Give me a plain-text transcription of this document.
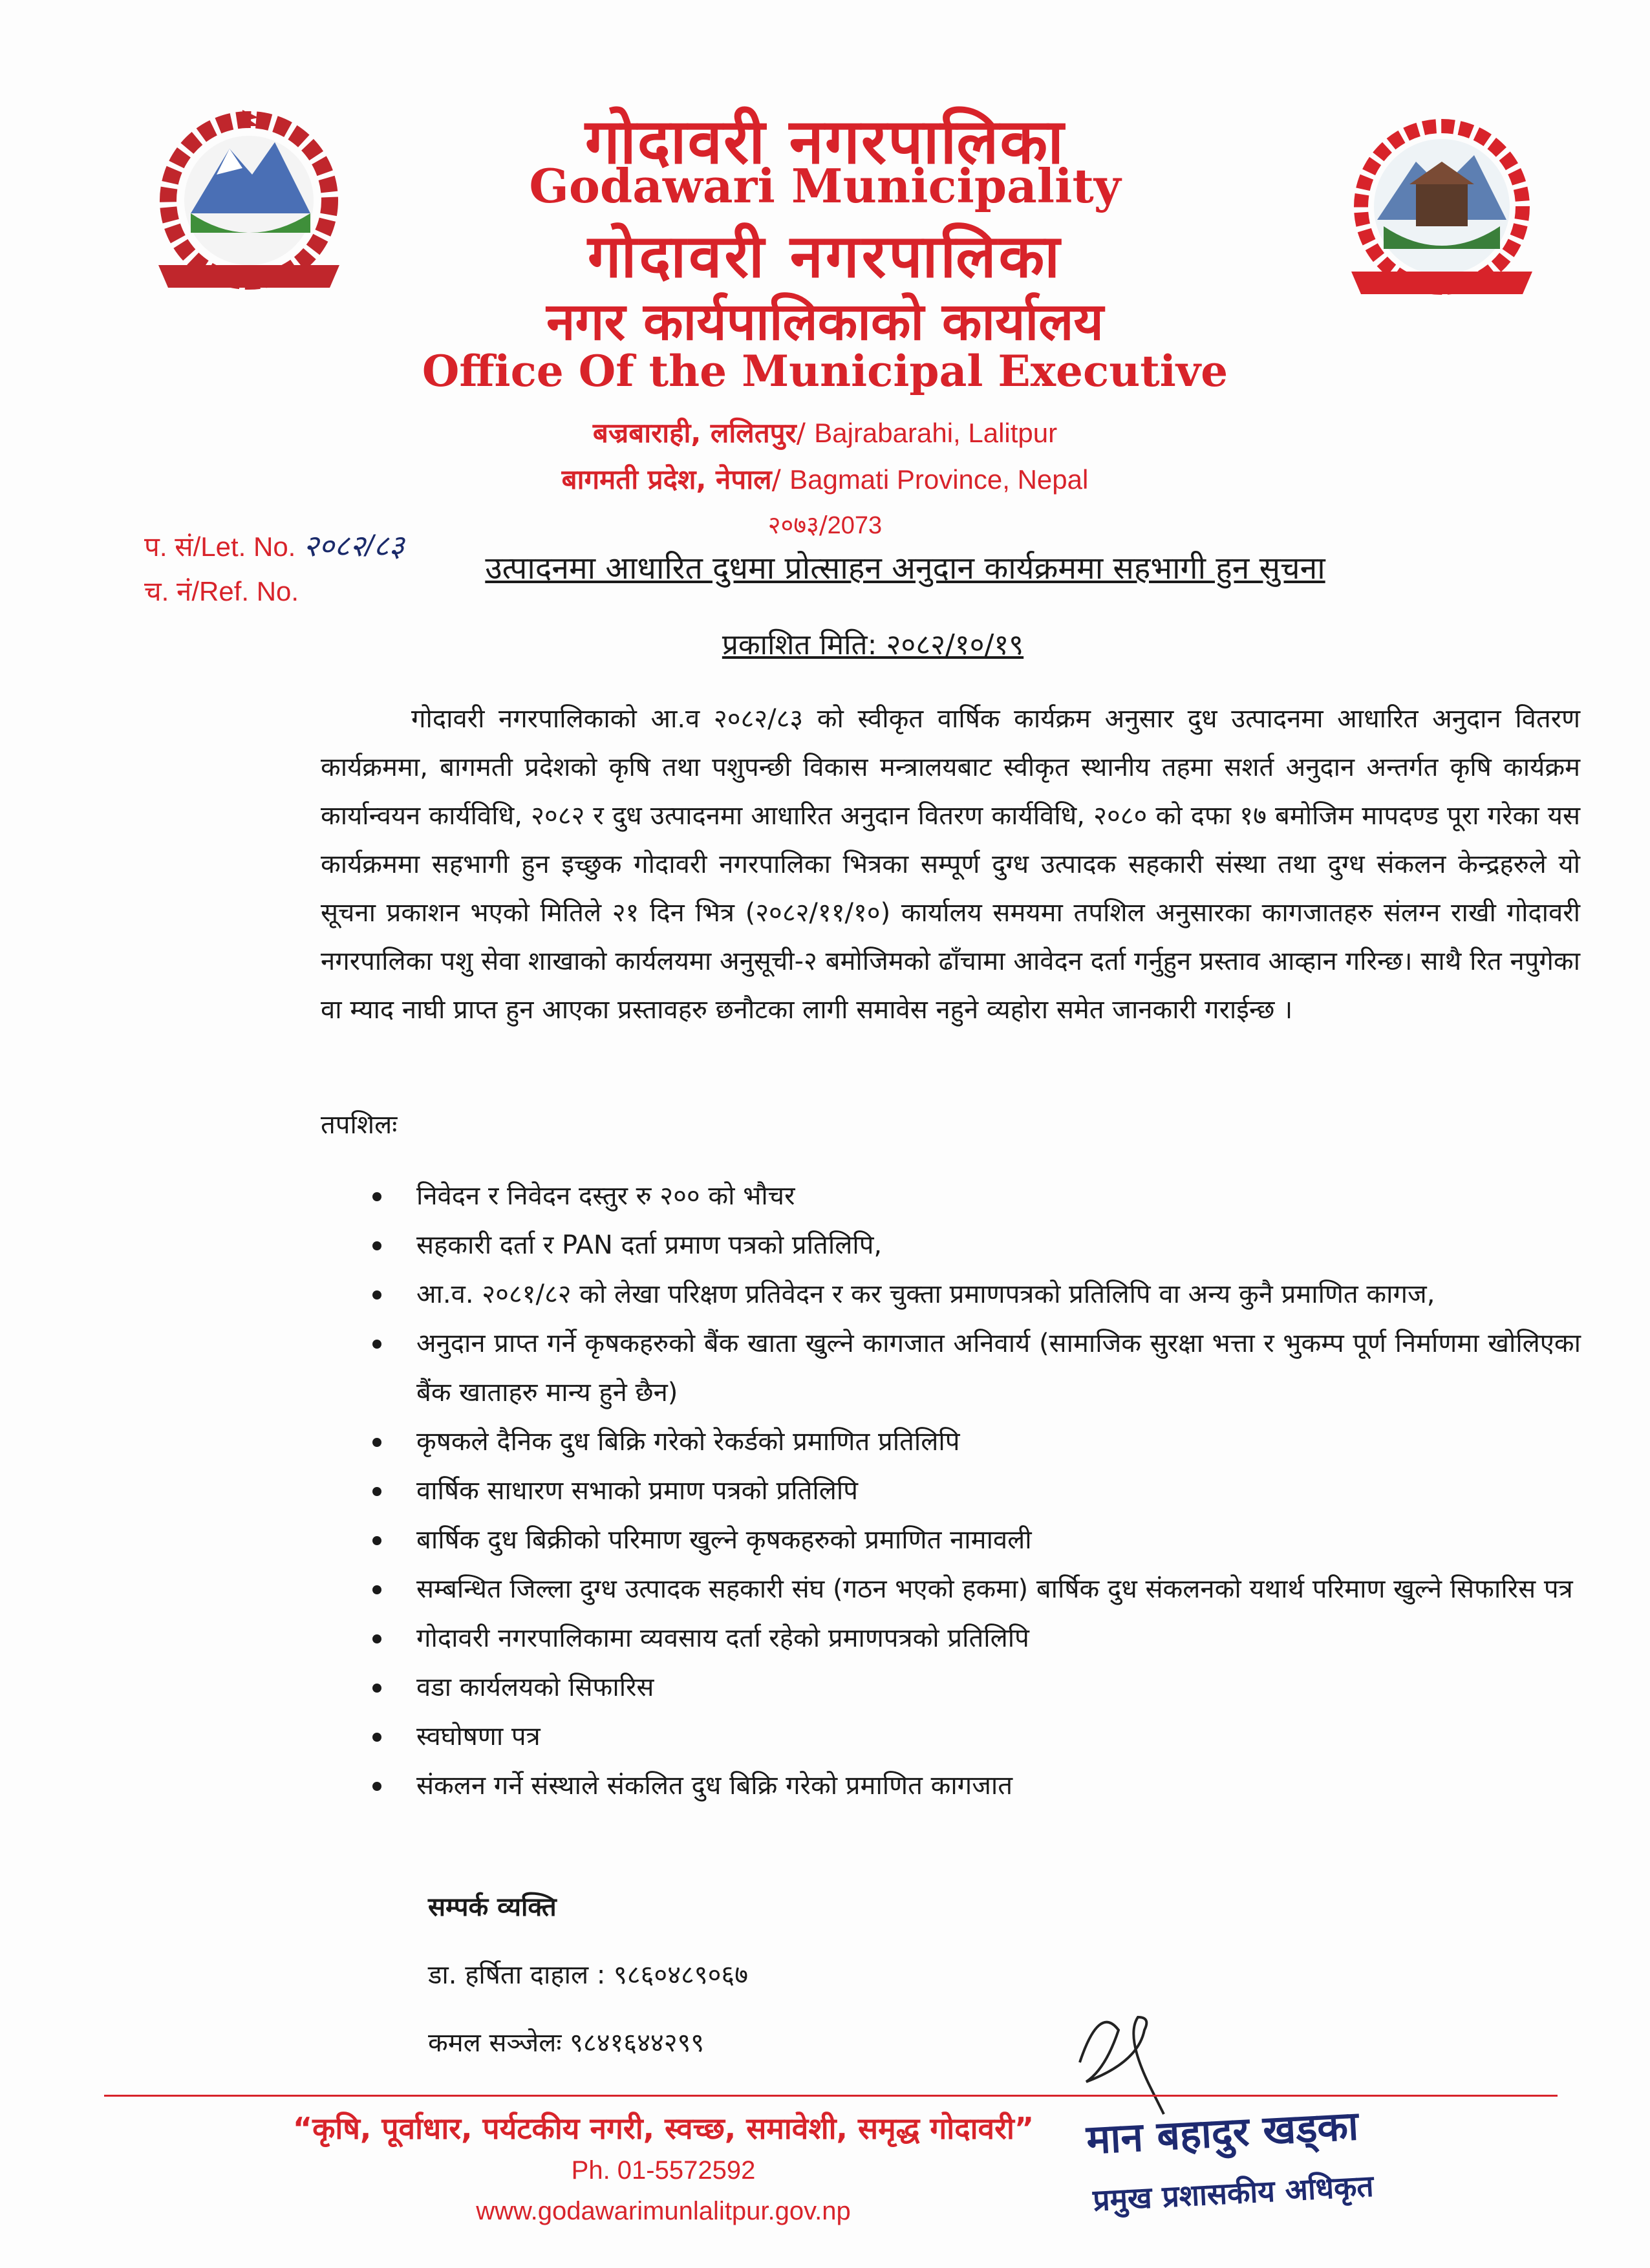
गोदावरी नगरपालिका
Godawari Municipality
गोदावरी नगरपालिका
नगर कार्यपालिकाको कार्यालय
Office Of the Municipal Executive
बज्रबाराही, ललितपुर/ Bajrabarahi, Lalitpur
बागमती प्रदेश, नेपाल/ Bagmati Province, Nepal
२०७३/2073
प. सं/Let. No. २०८२/८३
च. नं/Ref. No.
उत्पादनमा आधारित दुधमा प्रोत्साहन अनुदान कार्यक्रममा सहभागी हुन सुचना
प्रकाशित मिति: २०८२/१०/१९
गोदावरी नगरपालिकाको आ.व २०८२/८३ को स्वीकृत वार्षिक कार्यक्रम अनुसार दुध उत्पादनमा आधारित अनुदान वितरण कार्यक्रममा, बागमती प्रदेशको कृषि तथा पशुपन्छी विकास मन्त्रालयबाट स्वीकृत स्थानीय तहमा सशर्त अनुदान अन्तर्गत कृषि कार्यक्रम कार्यान्वयन कार्यविधि, २०८२ र दुध उत्पादनमा आधारित अनुदान वितरण कार्यविधि, २०८० को दफा १७ बमोजिम मापदण्ड पूरा गरेका यस कार्यक्रममा सहभागी हुन इच्छुक गोदावरी नगरपालिका भित्रका सम्पूर्ण दुग्ध उत्पादक सहकारी संस्था तथा दुग्ध संकलन केन्द्रहरुले यो सूचना प्रकाशन भएको मितिले २१ दिन भित्र (२०८२/११/१०) कार्यालय समयमा तपशिल अनुसारका कागजातहरु संलग्न राखी गोदावरी नगरपालिका पशु सेवा शाखाको कार्यलयमा अनुसूची-२ बमोजिमको ढाँचामा आवेदन दर्ता गर्नुहुन प्रस्ताव आव्हान गरिन्छ। साथै रित नपुगेका वा म्याद नाघी प्राप्त हुन आएका प्रस्तावहरु छनौटका लागी समावेस नहुने व्यहोरा समेत जानकारी गराईन्छ ।
तपशिलः
निवेदन र निवेदन दस्तुर रु २०० को भौचर
सहकारी दर्ता र PAN दर्ता प्रमाण पत्रको प्रतिलिपि,
आ.व. २०८१/८२ को लेखा परिक्षण प्रतिवेदन र कर चुक्ता प्रमाणपत्रको प्रतिलिपि वा अन्य कुनै प्रमाणित कागज,
अनुदान प्राप्त गर्ने कृषकहरुको बैंक खाता खुल्ने कागजात अनिवार्य (सामाजिक सुरक्षा भत्ता र भुकम्प पूर्ण निर्माणमा खोलिएका बैंक खाताहरु मान्य हुने छैन)
कृषकले दैनिक दुध बिक्रि गरेको रेकर्डको प्रमाणित प्रतिलिपि
वार्षिक साधारण सभाको प्रमाण पत्रको प्रतिलिपि
बार्षिक दुध बिक्रीको परिमाण खुल्ने कृषकहरुको प्रमाणित नामावली
सम्बन्धित जिल्ला दुग्ध उत्पादक सहकारी संघ (गठन भएको हकमा) बार्षिक दुध संकलनको यथार्थ परिमाण खुल्ने सिफारिस पत्र
गोदावरी नगरपालिकामा व्यवसाय दर्ता रहेको प्रमाणपत्रको प्रतिलिपि
वडा कार्यलयको सिफारिस
स्वघोषणा पत्र
संकलन गर्ने संस्थाले संकलित दुध बिक्रि गरेको प्रमाणित कागजात
सम्पर्क व्यक्ति
डा. हर्षिता दाहाल : ९८६०४८९०६७
कमल सञ्जेलः ९८४१६४४२९९
“कृषि, पूर्वाधार, पर्यटकीय नगरी, स्वच्छ, समावेशी, समृद्ध गोदावरी”
Ph. 01-5572592
www.godawarimunlalitpur.gov.np
मान बहादुर खड्का
प्रमुख प्रशासकीय अधिकृत
